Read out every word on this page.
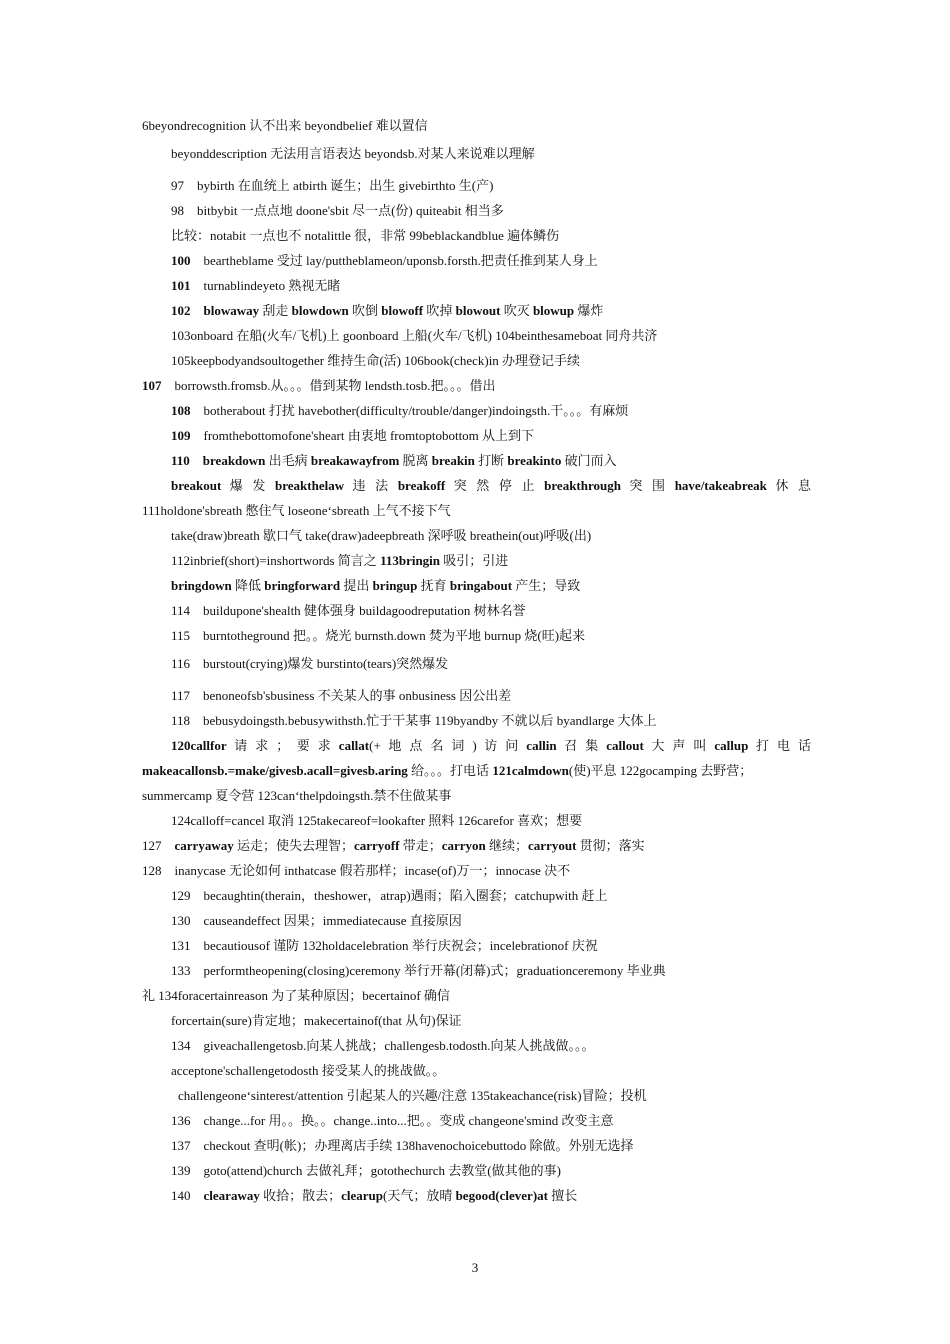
6beyondrecognition 认不出来 beyondbelief 难以置信
beyonddescription 无法用言语表达 beyondsb.对某人来说难以理解
97　bybirth 在血统上 atbirth 诞生；出生 givebirthto 生(产)
98　bitbybit 一点点地 doone'sbit 尽一点(份) quiteabit 相当多
比较：notabit 一点也不 notalittle 很，非常 99beblackandblue 遍体鳞伤
100　beartheblame 受过 lay/puttheblameon/uponsb.forsth.把责任推到某人身上
101　turnablindeyeto 熟视无睹
102　blowaway 刮走 blowdown 吹倒 blowoff 吹掉 blowout 吹灭 blowup 爆炸
103onboard 在船(火车/飞机)上 goonboard 上船(火车/飞机) 104beinthesameboat 同舟共济
105keepbodyandsoultogether 维持生命(活) 106book(check)in 办理登记手续
107　borrowsth.fromsb.从。。。借到某物 lendsth.tosb.把。。。借出
108　botherabout 打扰 havebother(difficulty/trouble/danger)indoingsth.干。。。有麻烦
109　fromthebottomofone'sheart 由衷地 fromtoptobottom 从上到下
110　breakdown 出毛病 breakawayfrom 脱离 breakin 打断 breakinto 破门而入
breakout 爆 发 breakthelaw 违 法 breakoff 突 然 停 止 breakthrough 突 围 have/takeabreak 休 息
111holdone'sbreath 憋住气 loseone‘sbreath 上气不接下气
take(draw)breath 歇口气 take(draw)adeepbreath 深呼吸 breathein(out)呼吸(出)
112inbrief(short)=inshortwords 简言之 113bringin 吸引；引进
bringdown 降低 bringforward 提出 bringup 抚育 bringabout 产生；导致
114　buildupone'shealth 健体强身 buildagoodreputation 树林名誉
115　burntotheground 把。。烧光 burnsth.down 焚为平地 burnup 烧(旺)起来
116　burstout(crying)爆发 burstinto(tears)突然爆发
117　benoneofsb'sbusiness 不关某人的事 onbusiness 因公出差
118　bebusydoingsth.bebusywithsth.忙于干某事 119byandby 不就以后 byandlarge 大体上
120callfor 请 求 ； 要 求 callat(+ 地 点 名 词 ) 访 问 callin 召 集 callout 大 声 叫 callup 打 电 话
makeacallonsb.=make/givesb.acall=givesb.aring 给。。。打电话 121calmdown(使)平息 122gocamping 去野营；
summercamp 夏令营 123can‘thelpdoingsth.禁不住做某事
124calloff=cancel 取消 125takecareof=lookafter 照料 126carefor 喜欢；想要
127　carryaway 运走；使失去理智；carryoff 带走；carryon 继续；carryout 贯彻；落实
128　inanycase 无论如何 inthatcase 假若那样；incase(of)万一；innocase 决不
129　becaughtin(therain，theshower，atrap)遇雨；陷入圈套；catchupwith 赶上
130　causeandeffect 因果；immediatecause 直接原因
131　becautiousof 谨防 132holdacelebration 举行庆祝会；incelebrationof 庆祝
133　performtheopening(closing)ceremony 举行开幕(闭幕)式；graduationceremony 毕业典
礼 134foracertainreason 为了某种原因；becertainof 确信
forcertain(sure)肯定地；makecertainof(that 从句)保证
134　giveachallengetosb.向某人挑战；challengesb.todosth.向某人挑战做。。。
acceptone'schallengetodosth 接受某人的挑战做。。
challengeone‘sinterest/attention 引起某人的兴趣/注意 135takeachance(risk)冒险；投机
136　change...for 用。。换。。change..into...把。。变成 changeone'smind 改变主意
137　checkout 查明(帐)；办理离店手续 138havenochoicebuttodo 除做。外别无选择
139　goto(attend)church 去做礼拜；gotothechurch 去教堂(做其他的事)
140　clearaway 收拾；散去；clearup(天气；放晴 begood(clever)at 擅长
3
